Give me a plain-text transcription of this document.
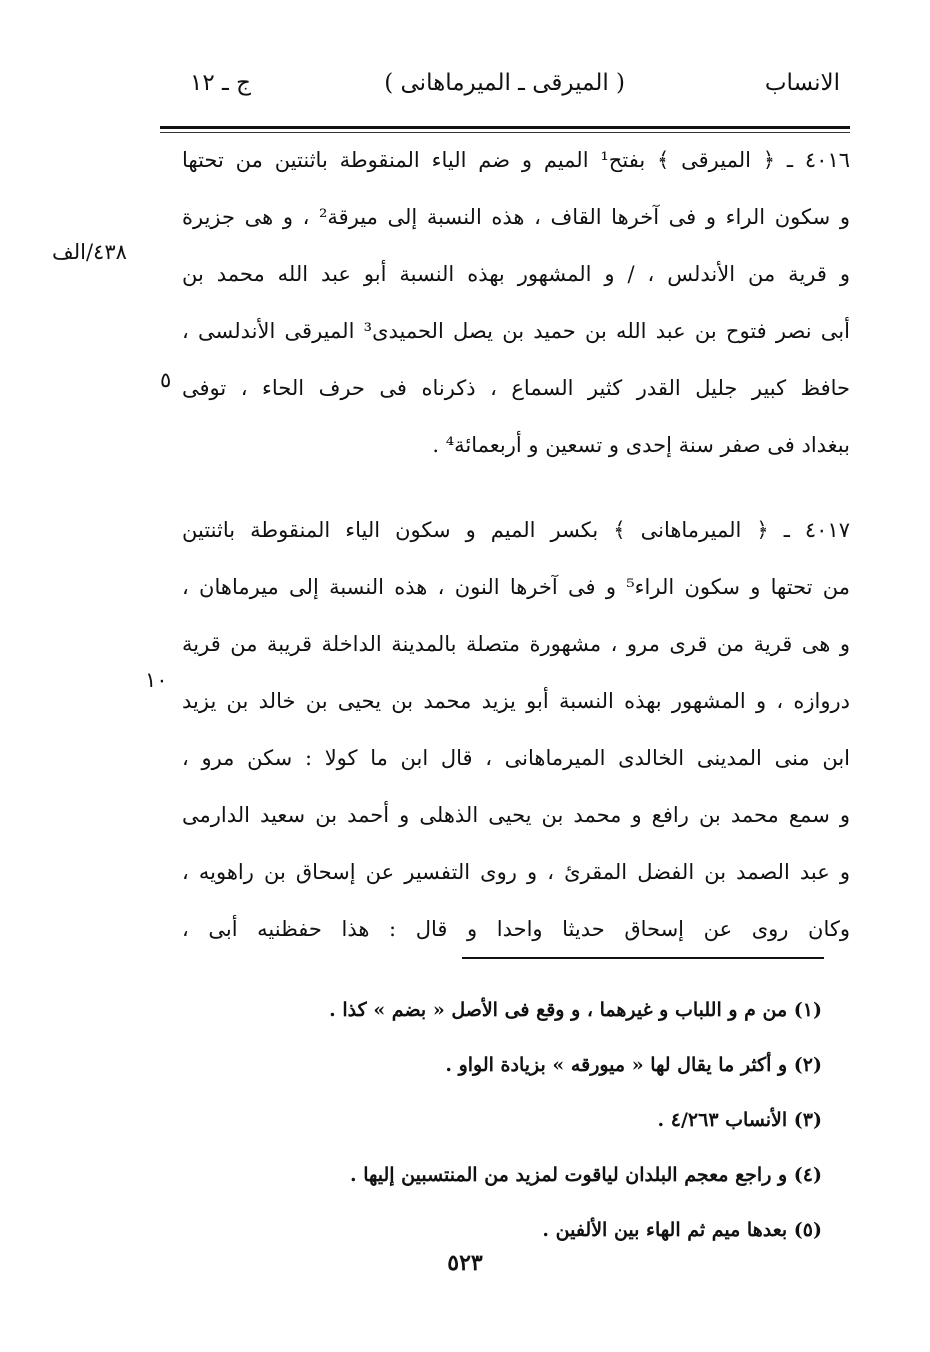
الانساب
( الميرقى ـ الميرماهانى )
ج ـ ١٢
٤٠١٦ ـ ﴿ الميرقى ﴾ بفتح¹ الميم و ضم الياء المنقوطة باثنتين من تحتها
و سكون الراء و فى آخرها القاف ، هذه النسبة إلى ميرقة² ، و هى جزيرة
و قرية من الأندلس ، / و المشهور بهذه النسبة أبو عبد الله محمد بن
أبى نصر فتوح بن عبد الله بن حميد بن يصل الحميدى³ الميرقى الأندلسى ،
حافظ كبير جليل القدر كثير السماع ، ذكرناه فى حرف الحاء ، توفى
ببغداد فى صفر سنة إحدى و تسعين و أربعمائة⁴ .
٤٠١٧ ـ ﴿ الميرماهانى ﴾ بكسر الميم و سكون الياء المنقوطة باثنتين
من تحتها و سكون الراء⁵ و فى آخرها النون ، هذه النسبة إلى ميرماهان ،
و هى قرية من قرى مرو ، مشهورة متصلة بالمدينة الداخلة قريبة من قرية
دروازه ، و المشهور بهذه النسبة أبو يزيد محمد بن يحيى بن خالد بن يزيد
ابن منى المدينى الخالدى الميرماهانى ، قال ابن ما كولا : سكن مرو ،
و سمع محمد بن رافع و محمد بن يحيى الذهلى و أحمد بن سعيد الدارمى
و عبد الصمد بن الفضل المقرئ ، و روى التفسير عن إسحاق بن راهويه ،
وكان روى عن إسحاق حديثا واحدا و قال : هذا حفظنيه أبى ،
٤٣٨/الف
٥
١٠
(١) من م و اللباب و غيرهما ، و وقع فى الأصل « بضم » كذا .
(٢) و أكثر ما يقال لها « ميورقه » بزيادة الواو .
(٣) الأنساب ٤/٢٦٣ .
(٤) و راجع معجم البلدان لياقوت لمزيد من المنتسبين إليها .
(٥) بعدها ميم ثم الهاء بين الألفين .
٥٢٣
